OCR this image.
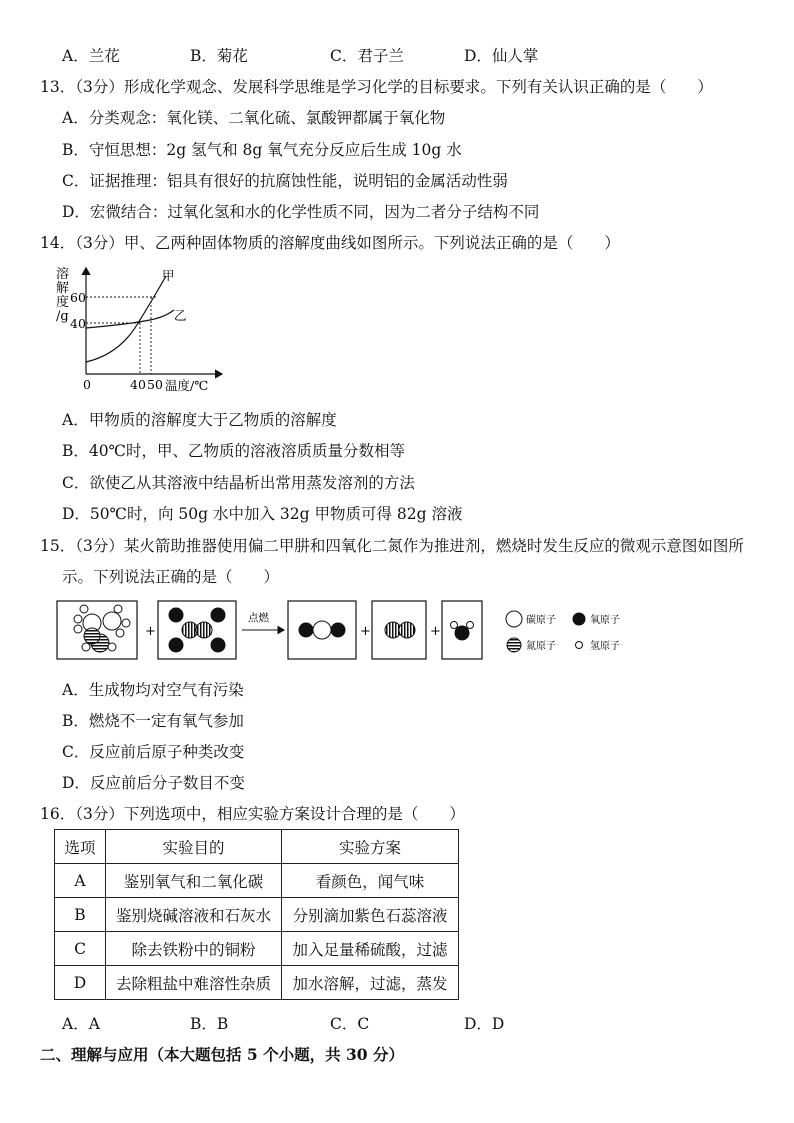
A．兰花	B．菊花	C．君子兰	D．仙人掌
13．（3分）形成化学观念、发展科学思维是学习化学的目标要求。下列有关认识正确的是（　　）
A．分类观念：氧化镁、二氧化硫、氯酸钾都属于氧化物
B．守恒思想：2g 氢气和 8g 氧气充分反应后生成 10g 水
C．证据推理：铝具有很好的抗腐蚀性能，说明铝的金属活动性弱
D．宏微结合：过氧化氢和水的化学性质不同，因为二者分子结构不同
14．（3分）甲、乙两种固体物质的溶解度曲线如图所示。下列说法正确的是（　　）
溶
解
度
/g
60
40
0	40 50 温度/℃
甲
乙
A．甲物质的溶解度大于乙物质的溶解度
B．40℃时，甲、乙物质的溶液溶质质量分数相等
C．欲使乙从其溶液中结晶析出常用蒸发溶剂的方法
D．50℃时，向 50g 水中加入 32g 甲物质可得 82g 溶液
15．（3分）某火箭助推器使用偏二甲肼和四氧化二氮作为推进剂，燃烧时发生反应的微观示意图如图所
示。下列说法正确的是（　　）
+
点燃
+	+
碳原子	氧原子
氮原子	氢原子
A．生成物均对空气有污染
B．燃烧不一定有氧气参加
C．反应前后原子种类改变
D．反应前后分子数目不变
16．（3分）下列选项中，相应实验方案设计合理的是（　　）
选项	实验目的	实验方案
A	鉴别氧气和二氧化碳	看颜色，闻气味
B	鉴别烧碱溶液和石灰水	分别滴加紫色石蕊溶液
C	除去铁粉中的铜粉	加入足量稀硫酸，过滤
D	去除粗盐中难溶性杂质	加水溶解，过滤，蒸发
A．A	B．B	C．C	D．D
二、理解与应用（本大题包括 5 个小题，共 30 分）
